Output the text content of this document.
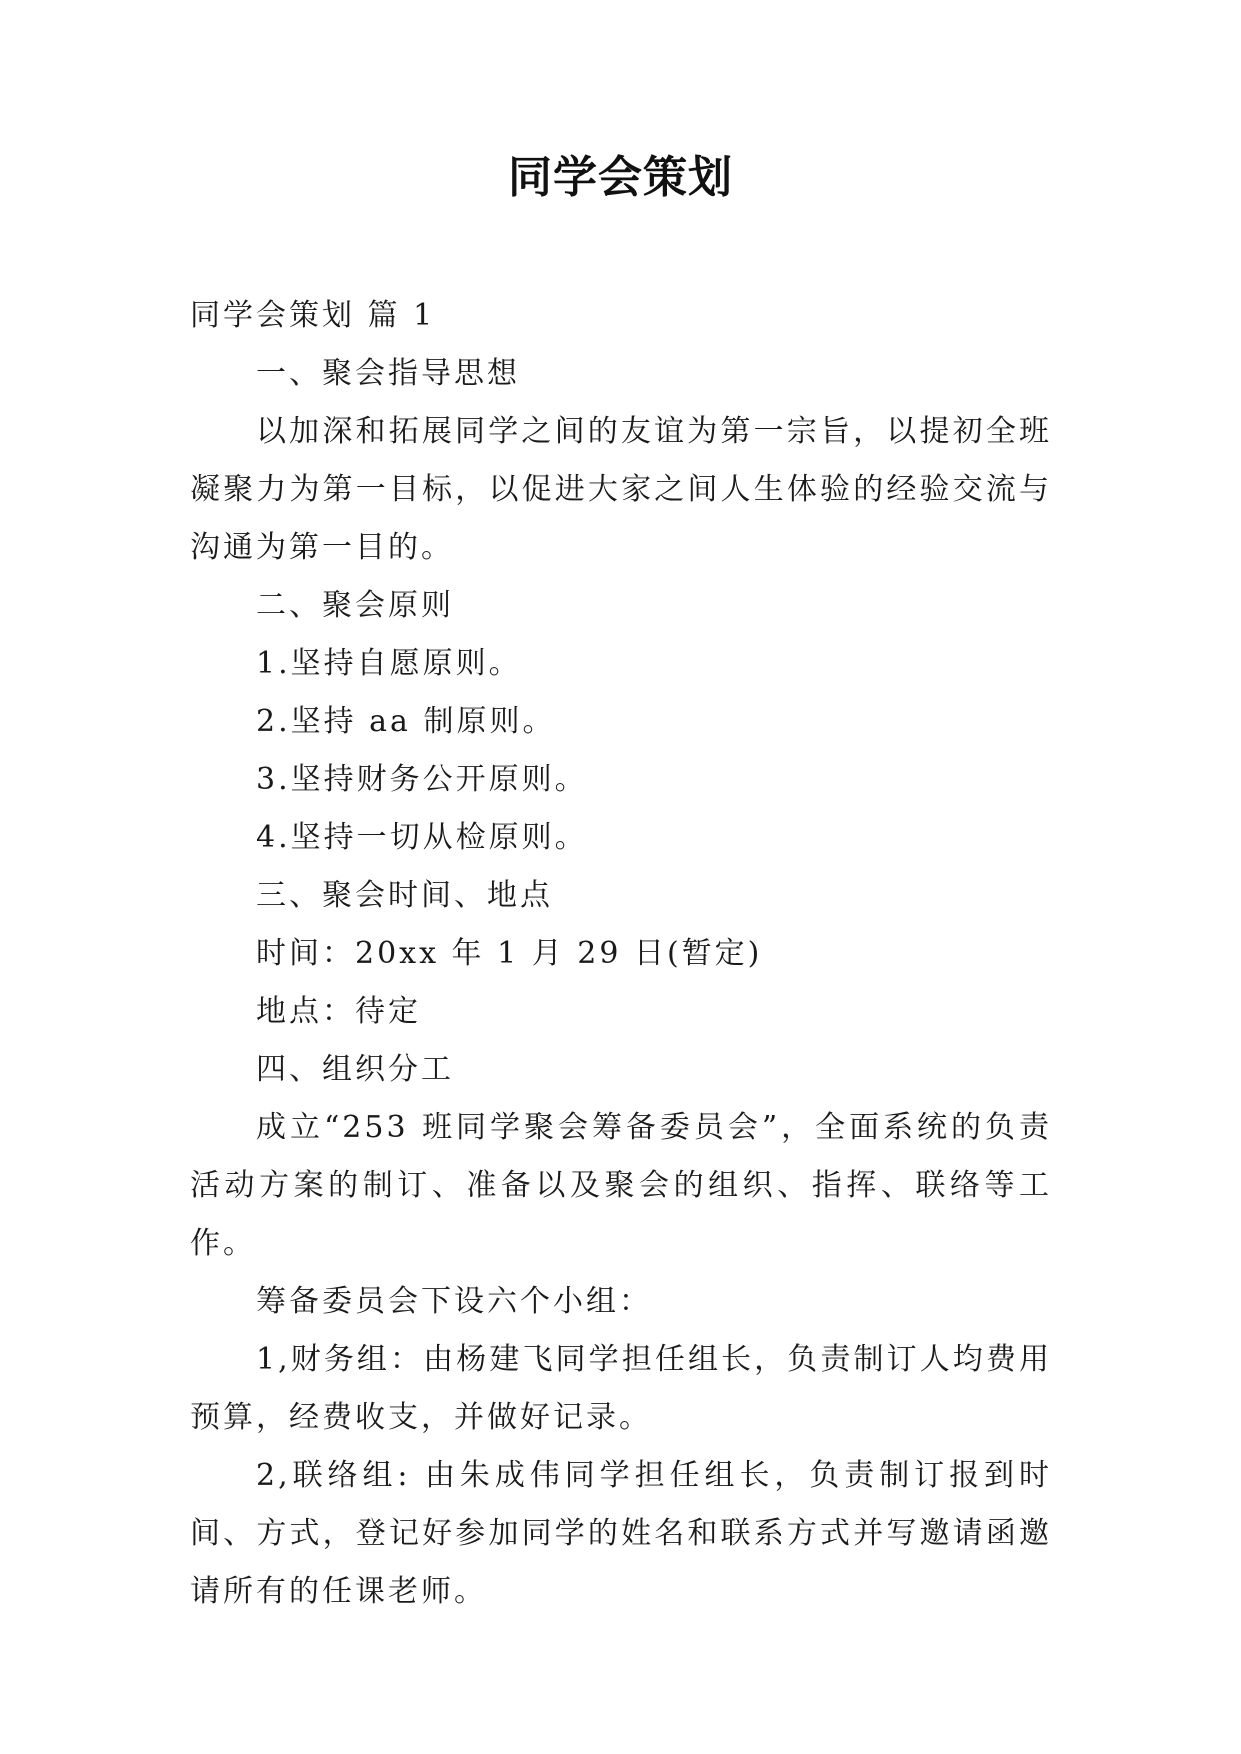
同学会策划
同学会策划 篇 1
一、聚会指导思想
以加深和拓展同学之间的友谊为第一宗旨，以提初全班凝聚力为第一目标，以促进大家之间人生体验的经验交流与沟通为第一目的。
二、聚会原则
1.坚持自愿原则。
2.坚持 aa 制原则。
3.坚持财务公开原则。
4.坚持一切从检原则。
三、聚会时间、地点
时间：20xx 年 1 月 29 日(暂定)
地点：待定
四、组织分工
成立“253 班同学聚会筹备委员会”，全面系统的负责活动方案的制订、准备以及聚会的组织、指挥、联络等工作。
筹备委员会下设六个小组：
1,财务组：由杨建飞同学担任组长，负责制订人均费用预算，经费收支，并做好记录。
2,联络组: 由朱成伟同学担任组长，负责制订报到时间、方式，登记好参加同学的姓名和联系方式并写邀请函邀请所有的任课老师。
